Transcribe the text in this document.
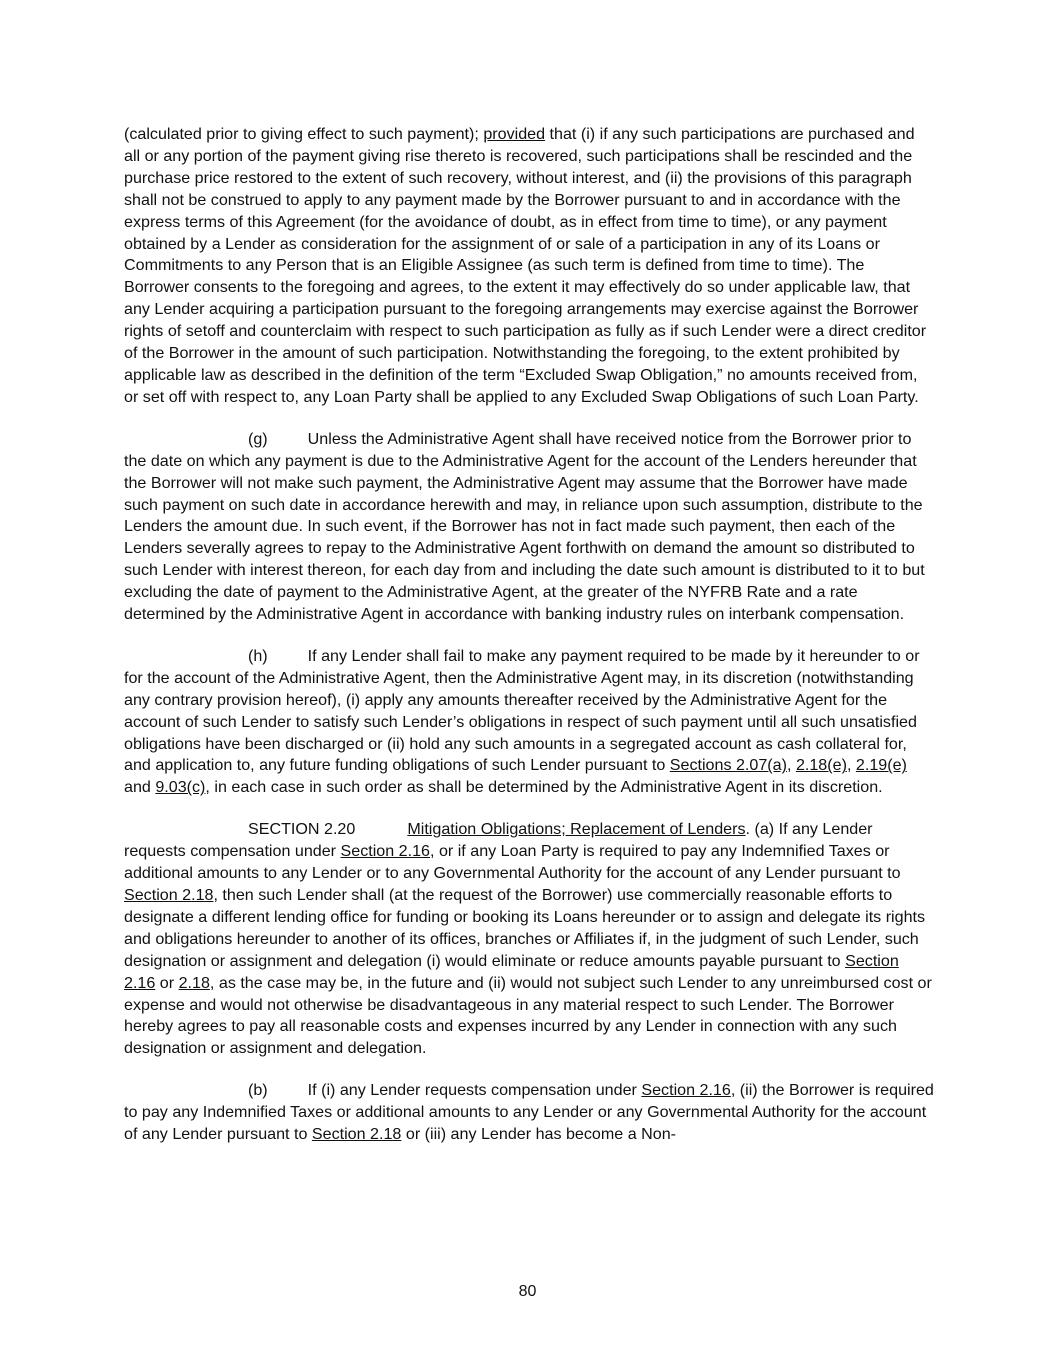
(calculated prior to giving effect to such payment); provided that (i) if any such participations are purchased and all or any portion of the payment giving rise thereto is recovered, such participations shall be rescinded and the purchase price restored to the extent of such recovery, without interest, and (ii) the provisions of this paragraph shall not be construed to apply to any payment made by the Borrower pursuant to and in accordance with the express terms of this Agreement (for the avoidance of doubt, as in effect from time to time), or any payment obtained by a Lender as consideration for the assignment of or sale of a participation in any of its Loans or Commitments to any Person that is an Eligible Assignee (as such term is defined from time to time). The Borrower consents to the foregoing and agrees, to the extent it may effectively do so under applicable law, that any Lender acquiring a participation pursuant to the foregoing arrangements may exercise against the Borrower rights of setoff and counterclaim with respect to such participation as fully as if such Lender were a direct creditor of the Borrower in the amount of such participation. Notwithstanding the foregoing, to the extent prohibited by applicable law as described in the definition of the term “Excluded Swap Obligation,” no amounts received from, or set off with respect to, any Loan Party shall be applied to any Excluded Swap Obligations of such Loan Party.

(g) Unless the Administrative Agent shall have received notice from the Borrower prior to the date on which any payment is due to the Administrative Agent for the account of the Lenders hereunder that the Borrower will not make such payment, the Administrative Agent may assume that the Borrower have made such payment on such date in accordance herewith and may, in reliance upon such assumption, distribute to the Lenders the amount due. In such event, if the Borrower has not in fact made such payment, then each of the Lenders severally agrees to repay to the Administrative Agent forthwith on demand the amount so distributed to such Lender with interest thereon, for each day from and including the date such amount is distributed to it to but excluding the date of payment to the Administrative Agent, at the greater of the NYFRB Rate and a rate determined by the Administrative Agent in accordance with banking industry rules on interbank compensation.

(h) If any Lender shall fail to make any payment required to be made by it hereunder to or for the account of the Administrative Agent, then the Administrative Agent may, in its discretion (notwithstanding any contrary provision hereof), (i) apply any amounts thereafter received by the Administrative Agent for the account of such Lender to satisfy such Lender’s obligations in respect of such payment until all such unsatisfied obligations have been discharged or (ii) hold any such amounts in a segregated account as cash collateral for, and application to, any future funding obligations of such Lender pursuant to Sections 2.07(a), 2.18(e), 2.19(e) and 9.03(c), in each case in such order as shall be determined by the Administrative Agent in its discretion.

SECTION 2.20	Mitigation Obligations; Replacement of Lenders. (a) If any Lender requests compensation under Section 2.16, or if any Loan Party is required to pay any Indemnified Taxes or additional amounts to any Lender or to any Governmental Authority for the account of any Lender pursuant to Section 2.18, then such Lender shall (at the request of the Borrower) use commercially reasonable efforts to designate a different lending office for funding or booking its Loans hereunder or to assign and delegate its rights and obligations hereunder to another of its offices, branches or Affiliates if, in the judgment of such Lender, such designation or assignment and delegation (i) would eliminate or reduce amounts payable pursuant to Section 2.16 or 2.18, as the case may be, in the future and (ii) would not subject such Lender to any unreimbursed cost or expense and would not otherwise be disadvantageous in any material respect to such Lender. The Borrower hereby agrees to pay all reasonable costs and expenses incurred by any Lender in connection with any such designation or assignment and delegation.

(b) If (i) any Lender requests compensation under Section 2.16, (ii) the Borrower is required to pay any Indemnified Taxes or additional amounts to any Lender or any Governmental Authority for the account of any Lender pursuant to Section 2.18 or (iii) any Lender has become a Non-

80
